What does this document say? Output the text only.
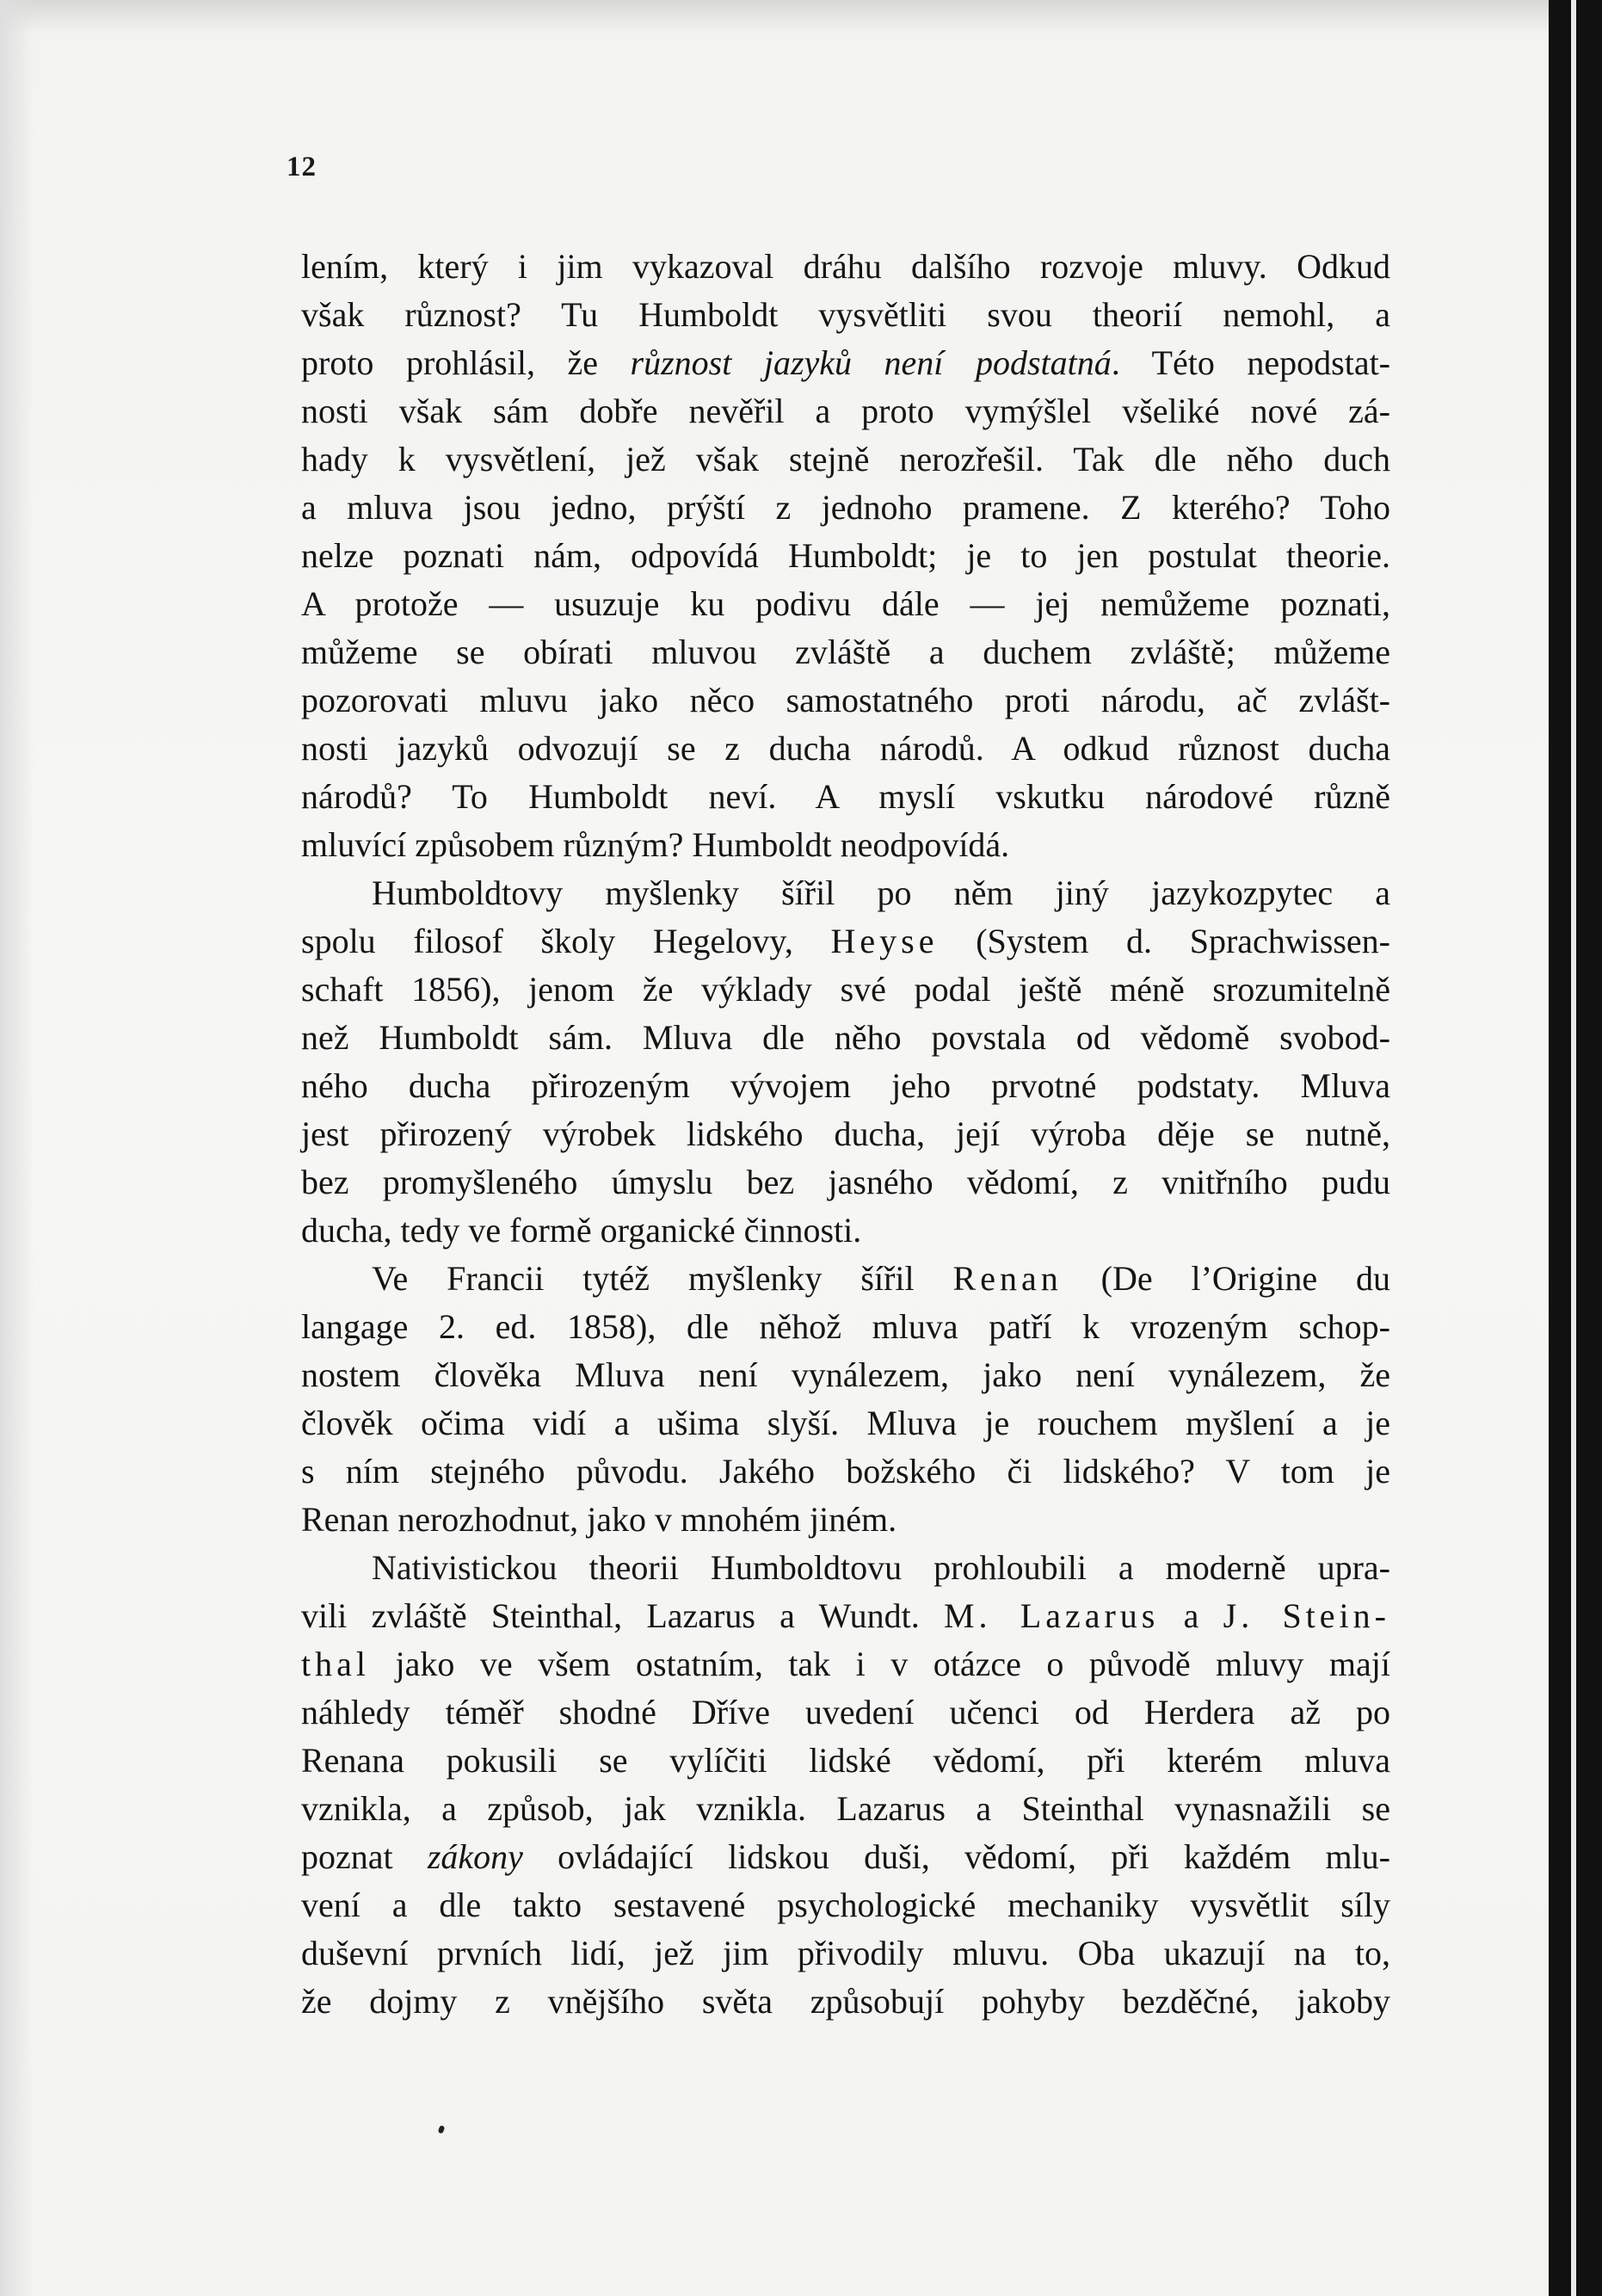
12
lením, který i jim vykazoval dráhu dalšího rozvoje mluvy. Odkud
však různost? Tu Humboldt vysvětliti svou theorií nemohl, a
proto prohlásil, že různost jazyků není podstatná. Této nepodstat-
nosti však sám dobře nevěřil a proto vymýšlel všeliké nové zá-
hady k vysvětlení, jež však stejně nerozřešil. Tak dle něho duch
a mluva jsou jedno, prýští z jednoho pramene. Z kterého? Toho
nelze poznati nám, odpovídá Humboldt; je to jen postulat theorie.
A protože — usuzuje ku podivu dále — jej nemůžeme poznati,
můžeme se obírati mluvou zvláště a duchem zvláště; můžeme
pozorovati mluvu jako něco samostatného proti národu, ač zvlášt-
nosti jazyků odvozují se z ducha národů. A odkud různost ducha
národů? To Humboldt neví. A myslí vskutku národové různě
mluvící způsobem různým? Humboldt neodpovídá.
Humboldtovy myšlenky šířil po něm jiný jazykozpytec a
spolu filosof školy Hegelovy, Heyse (System d. Sprachwissen-
schaft 1856), jenom že výklady své podal ještě méně srozumitelně
než Humboldt sám. Mluva dle něho povstala od vědomě svobod-
ného ducha přirozeným vývojem jeho prvotné podstaty. Mluva
jest přirozený výrobek lidského ducha, její výroba děje se nutně,
bez promyšleného úmyslu bez jasného vědomí, z vnitřního pudu
ducha, tedy ve formě organické činnosti.
Ve Francii tytéž myšlenky šířil Renan (De l’Origine du
langage 2. ed. 1858), dle něhož mluva patří k vrozeným schop-
nostem člověka Mluva není vynálezem, jako není vynálezem, že
člověk očima vidí a ušima slyší. Mluva je rouchem myšlení a je
s ním stejného původu. Jakého božského či lidského? V tom je
Renan nerozhodnut, jako v mnohém jiném.
Nativistickou theorii Humboldtovu prohloubili a moderně upra-
vili zvláště Steinthal, Lazarus a Wundt. M. Lazarus a J. Stein-
thal jako ve všem ostatním, tak i v otázce o původě mluvy mají
náhledy téměř shodné Dříve uvedení učenci od Herdera až po
Renana pokusili se vylíčiti lidské vědomí, při kterém mluva
vznikla, a způsob, jak vznikla. Lazarus a Steinthal vynasnažili se
poznat zákony ovládající lidskou duši, vědomí, při každém mlu-
vení a dle takto sestavené psychologické mechaniky vysvětlit síly
duševní prvních lidí, jež jim přivodily mluvu. Oba ukazují na to,
že dojmy z vnějšího světa způsobují pohyby bezděčné, jakoby
